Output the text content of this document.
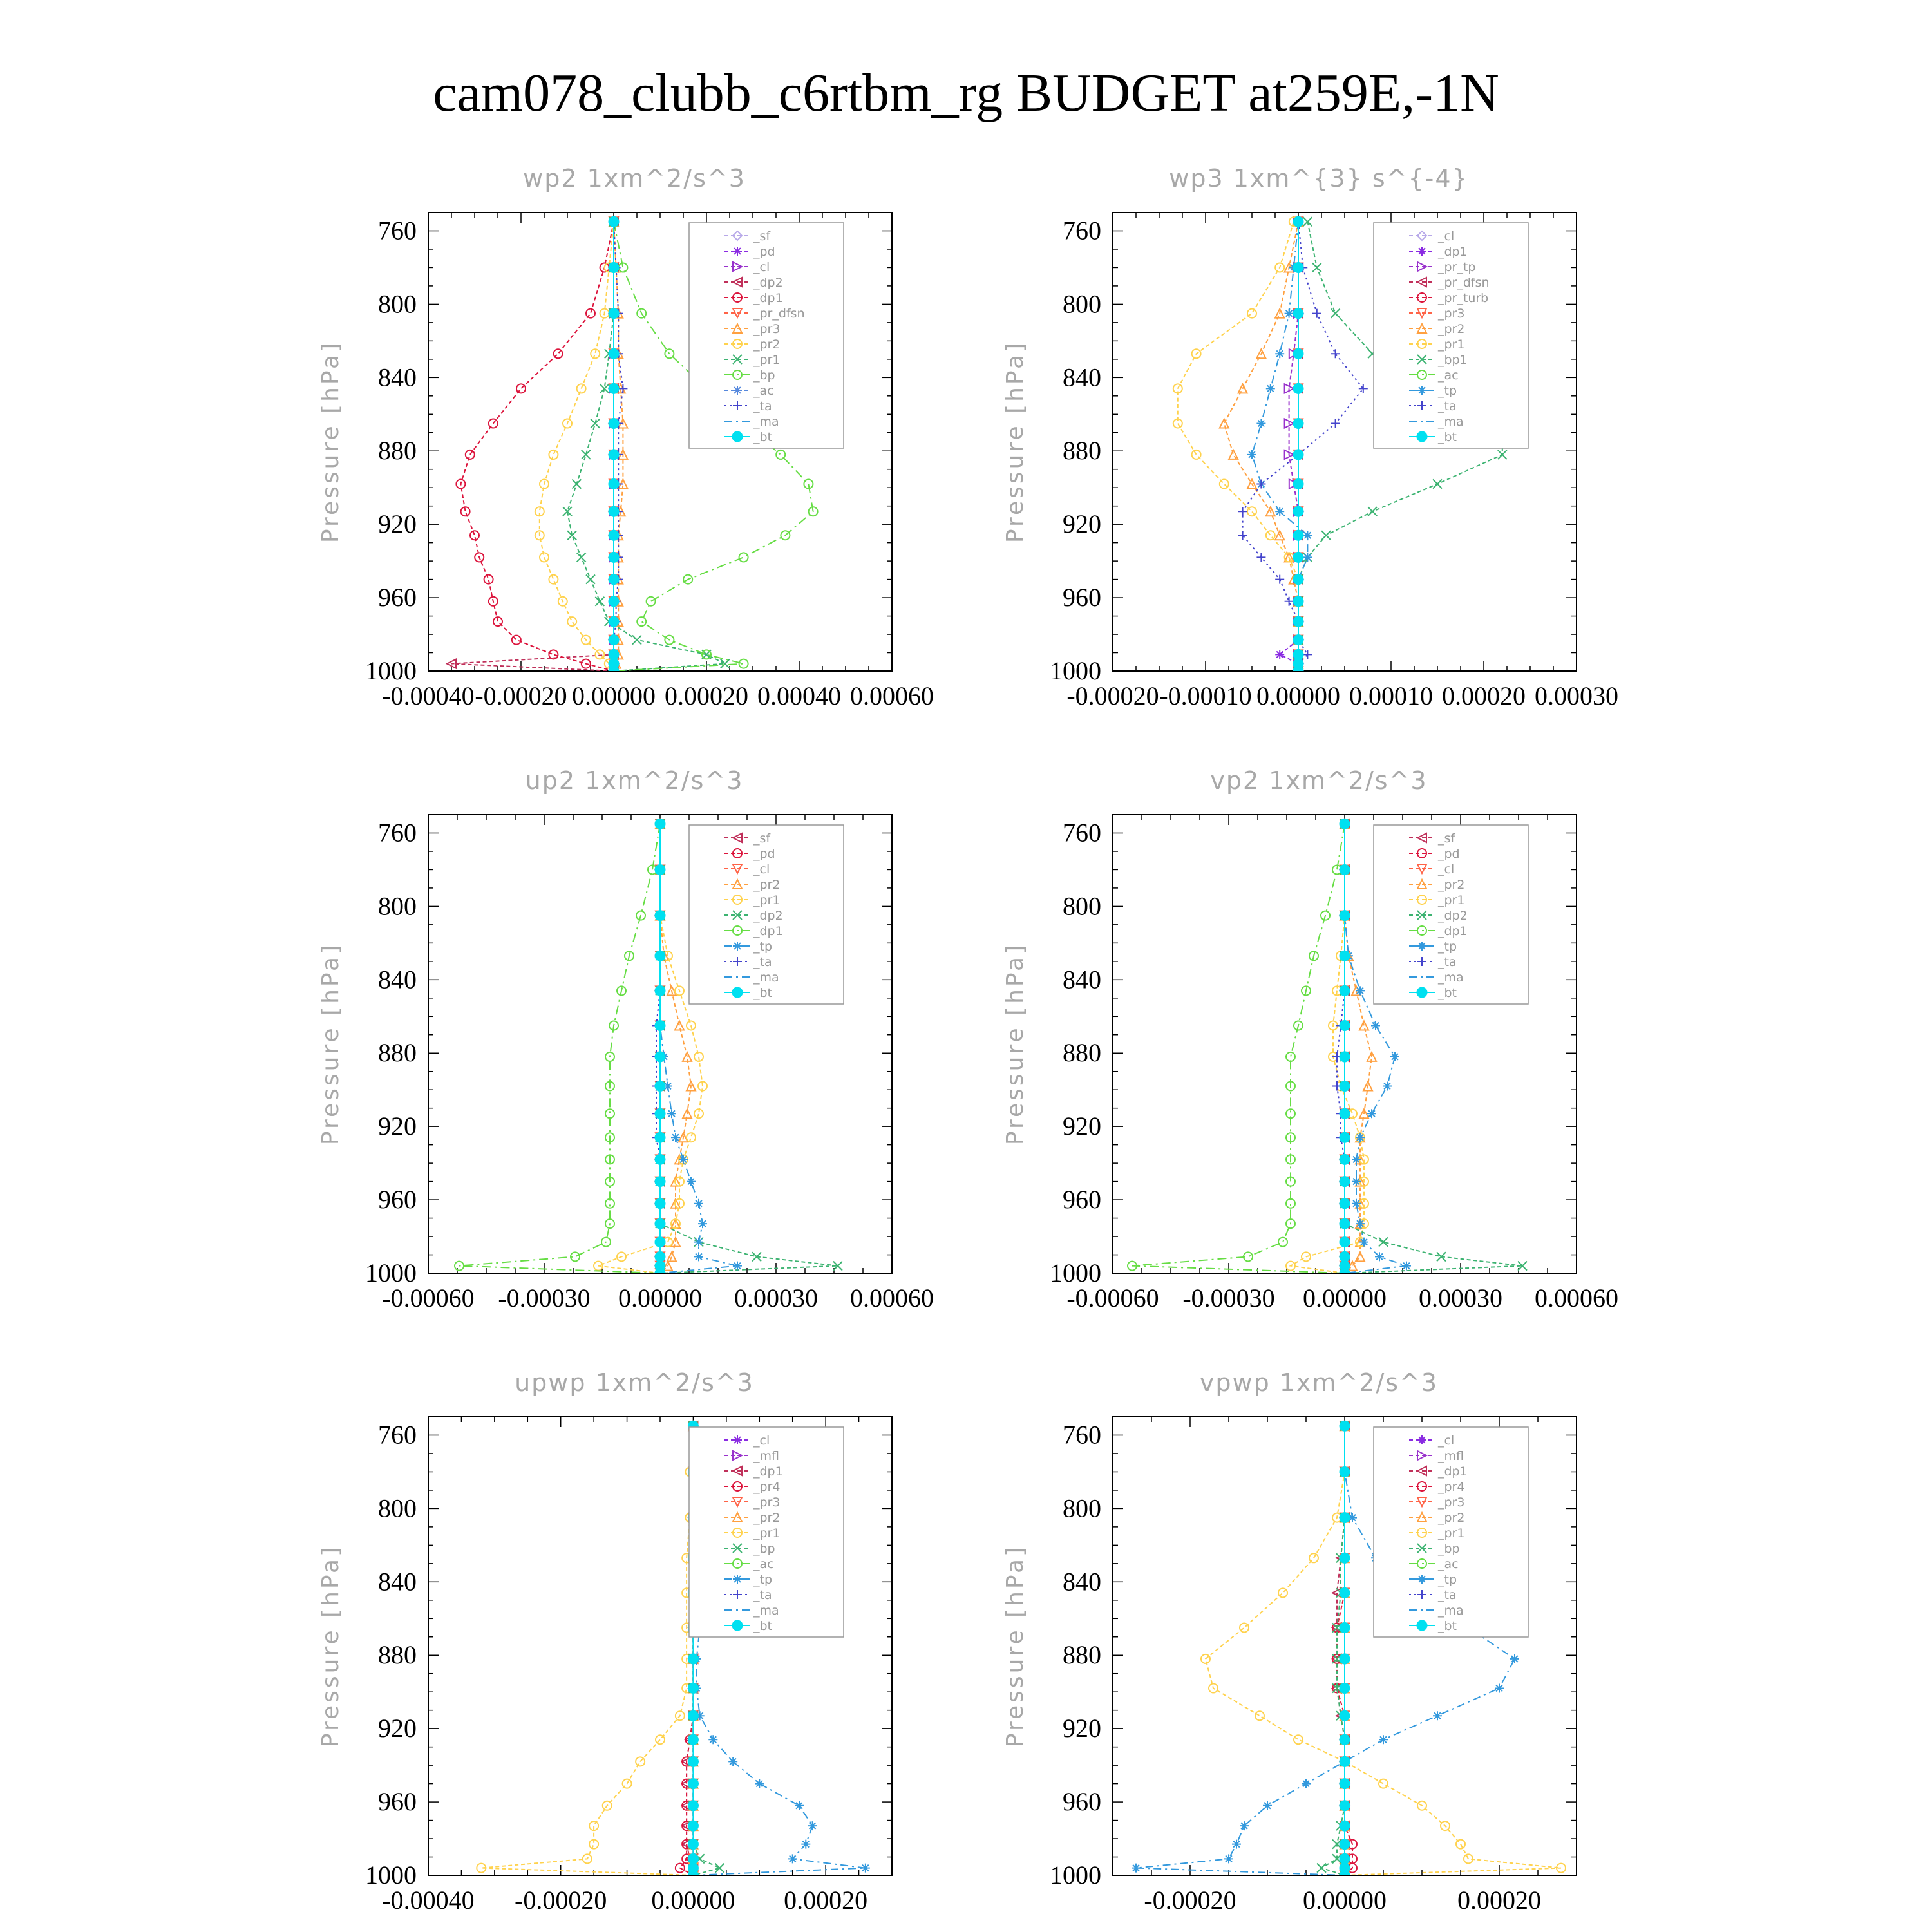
cam078_clubb_c6rtbm_rg BUDGET at259E,-1N
wp2 1xm^2/s^3
Pressure [hPa]
760
800
840
880
920
960
1000
-0.00040 -0.00020 0.00000 0.00020 0.00040 0.00060
_sf
_pd
_cl
_dp2
_dp1
_pr_dfsn
_pr3
_pr2
_pr1
_bp
_ac
_ta
_ma
_bt
wp3 1xm^{3} s^{-4}
Pressure [hPa]
760
800
840
880
920
960
1000
-0.00020 -0.00010 0.00000 0.00010 0.00020 0.00030
_cl
_dp1
_pr_tp
_pr_dfsn
_pr_turb
_pr3
_pr2
_pr1
_bp1
_ac
_tp
_ta
_ma
_bt
up2 1xm^2/s^3
Pressure [hPa]
760
800
840
880
920
960
1000
-0.00060 -0.00030 0.00000 0.00030 0.00060
_sf
_pd
_cl
_pr2
_pr1
_dp2
_dp1
_tp
_ta
_ma
_bt
vp2 1xm^2/s^3
Pressure [hPa]
760
800
840
880
920
960
1000
-0.00060 -0.00030 0.00000 0.00030 0.00060
_sf
_pd
_cl
_pr2
_pr1
_dp2
_dp1
_tp
_ta
_ma
_bt
upwp 1xm^2/s^3
Pressure [hPa]
760
800
840
880
920
960
1000
-0.00040 -0.00020 0.00000 0.00020
_cl
_mfl
_dp1
_pr4
_pr3
_pr2
_pr1
_bp
_ac
_tp
_ta
_ma
_bt
vpwp 1xm^2/s^3
Pressure [hPa]
760
800
840
880
920
960
1000
-0.00020	0.00000	0.00020
_cl
_mfl
_dp1
_pr4
_pr3
_pr2
_pr1
_bp
_ac
_tp
_ta
_ma
_bt
